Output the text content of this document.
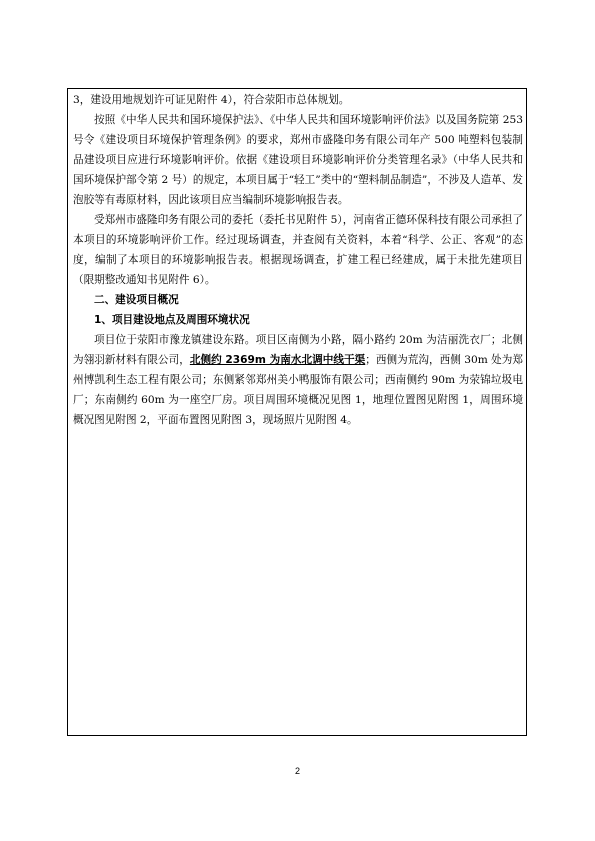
3，建设用地规划许可证见附件 4），符合荥阳市总体规划。

按照《中华人民共和国环境保护法》、《中华人民共和国环境影响评价法》以及国务院第 253 号令《建设项目环境保护管理条例》的要求，郑州市盛隆印务有限公司年产 500 吨塑料包装制品建设项目应进行环境影响评价。依据《建设项目环境影响评价分类管理名录》（中华人民共和国环境保护部令第 2 号）的规定，本项目属于“轻工”类中的“塑料制品制造”，不涉及人造革、发泡胶等有毒原材料，因此该项目应当编制环境影响报告表。

受郑州市盛隆印务有限公司的委托（委托书见附件 5），河南省正德环保科技有限公司承担了本项目的环境影响评价工作。经过现场调查，并查阅有关资料，本着“科学、公正、客观”的态度，编制了本项目的环境影响报告表。根据现场调查，扩建工程已经建成，属于未批先建项目（限期整改通知书见附件 6）。

二、建设项目概况

1、项目建设地点及周围环境状况

项目位于荥阳市豫龙镇建设东路。项目区南侧为小路，隔小路约 20m 为洁丽洗衣厂；北侧为翎羽新材料有限公司，北侧约 2369m 为南水北调中线干渠；西侧为荒沟，西侧 30m 处为郑州博凯利生态工程有限公司；东侧紧邻郑州美小鸭服饰有限公司；西南侧约 90m 为荥锦垃圾电厂；东南侧约 60m 为一座空厂房。项目周围环境概况见图 1，地理位置图见附图 1，周围环境概况图见附图 2，平面布置图见附图 3，现场照片见附图 4。

2
